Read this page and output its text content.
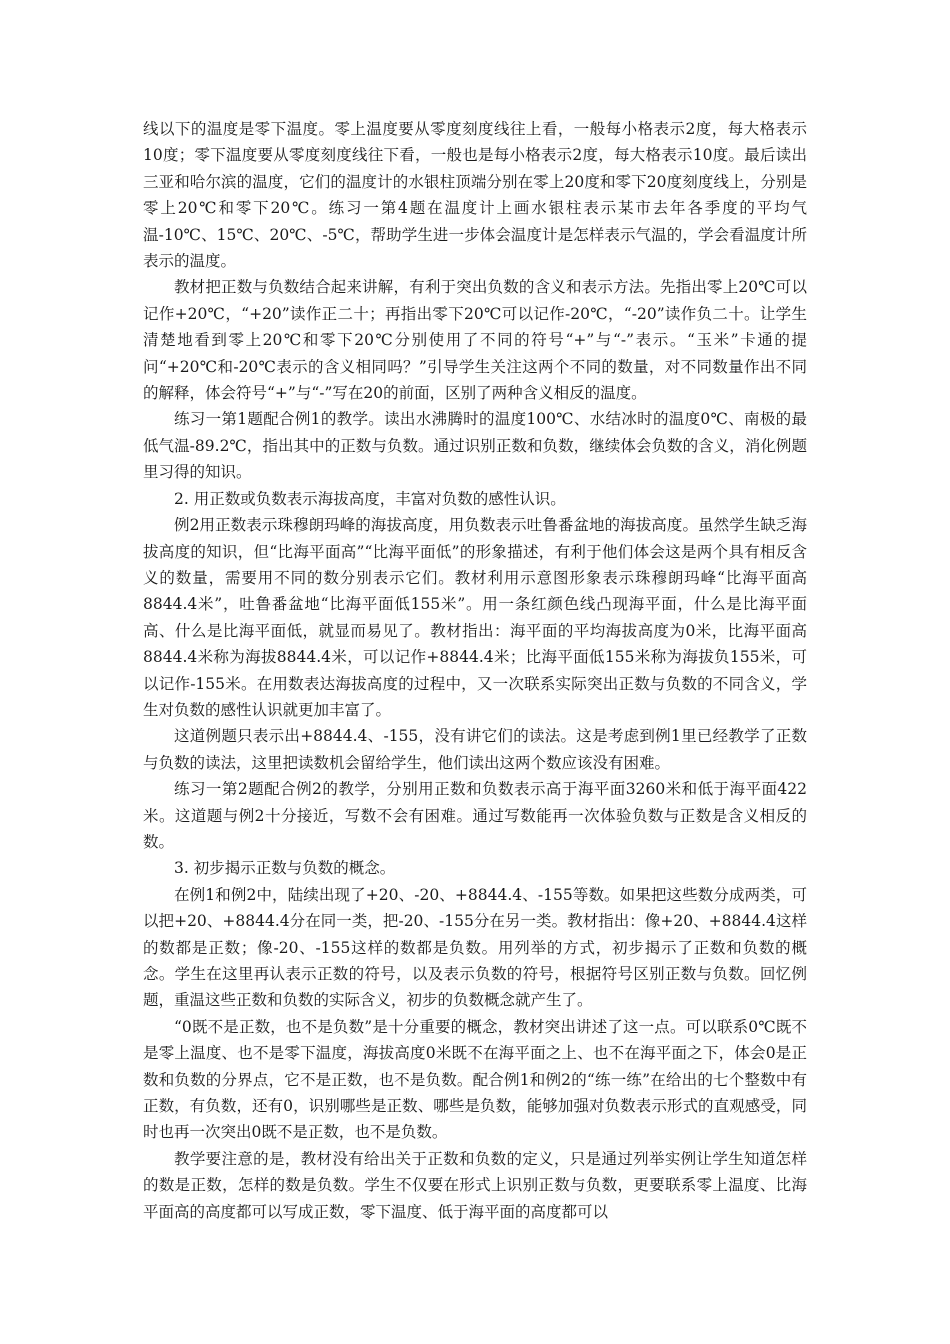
线以下的温度是零下温度。零上温度要从零度刻度线往上看，一般每小格表示2度，每大格表示10度；零下温度要从零度刻度线往下看，一般也是每小格表示2度，每大格表示10度。最后读出三亚和哈尔滨的温度，它们的温度计的水银柱顶端分别在零上20度和零下20度刻度线上，分别是零上20℃和零下20℃。练习一第4题在温度计上画水银柱表示某市去年各季度的平均气温-10℃、15℃、20℃、-5℃，帮助学生进一步体会温度计是怎样表示气温的，学会看温度计所表示的温度。

教材把正数与负数结合起来讲解，有利于突出负数的含义和表示方法。先指出零上20℃可以记作+20℃，“+20”读作正二十；再指出零下20℃可以记作-20℃，“-20”读作负二十。让学生清楚地看到零上20℃和零下20℃分别使用了不同的符号“+”与“-”表示。“玉米”卡通的提问“+20℃和-20℃表示的含义相同吗？”引导学生关注这两个不同的数量，对不同数量作出不同的解释，体会符号“+”与“-”写在20的前面，区别了两种含义相反的温度。

练习一第1题配合例1的教学。读出水沸腾时的温度100℃、水结冰时的温度0℃、南极的最低气温-89.2℃，指出其中的正数与负数。通过识别正数和负数，继续体会负数的含义，消化例题里习得的知识。

2. 用正数或负数表示海拔高度，丰富对负数的感性认识。

例2用正数表示珠穆朗玛峰的海拔高度，用负数表示吐鲁番盆地的海拔高度。虽然学生缺乏海拔高度的知识，但“比海平面高”“比海平面低”的形象描述，有利于他们体会这是两个具有相反含义的数量，需要用不同的数分别表示它们。教材利用示意图形象表示珠穆朗玛峰“比海平面高8844.4米”，吐鲁番盆地“比海平面低155米”。用一条红颜色线凸现海平面，什么是比海平面高、什么是比海平面低，就显而易见了。教材指出：海平面的平均海拔高度为0米，比海平面高8844.4米称为海拔8844.4米，可以记作+8844.4米；比海平面低155米称为海拔负155米，可以记作-155米。在用数表达海拔高度的过程中，又一次联系实际突出正数与负数的不同含义，学生对负数的感性认识就更加丰富了。

这道例题只表示出+8844.4、-155，没有讲它们的读法。这是考虑到例1里已经教学了正数与负数的读法，这里把读数机会留给学生，他们读出这两个数应该没有困难。

练习一第2题配合例2的教学，分别用正数和负数表示高于海平面3260米和低于海平面422米。这道题与例2十分接近，写数不会有困难。通过写数能再一次体验负数与正数是含义相反的数。

3. 初步揭示正数与负数的概念。

在例1和例2中，陆续出现了+20、-20、+8844.4、-155等数。如果把这些数分成两类，可以把+20、+8844.4分在同一类，把-20、-155分在另一类。教材指出：像+20、+8844.4这样的数都是正数；像-20、-155这样的数都是负数。用列举的方式，初步揭示了正数和负数的概念。学生在这里再认表示正数的符号，以及表示负数的符号，根据符号区别正数与负数。回忆例题，重温这些正数和负数的实际含义，初步的负数概念就产生了。

“0既不是正数，也不是负数”是十分重要的概念，教材突出讲述了这一点。可以联系0℃既不是零上温度、也不是零下温度，海拔高度0米既不在海平面之上、也不在海平面之下，体会0是正数和负数的分界点，它不是正数，也不是负数。配合例1和例2的“练一练”在给出的七个整数中有正数，有负数，还有0，识别哪些是正数、哪些是负数，能够加强对负数表示形式的直观感受，同时也再一次突出0既不是正数，也不是负数。

教学要注意的是，教材没有给出关于正数和负数的定义，只是通过列举实例让学生知道怎样的数是正数，怎样的数是负数。学生不仅要在形式上识别正数与负数，更要联系零上温度、比海平面高的高度都可以写成正数，零下温度、低于海平面的高度都可以
